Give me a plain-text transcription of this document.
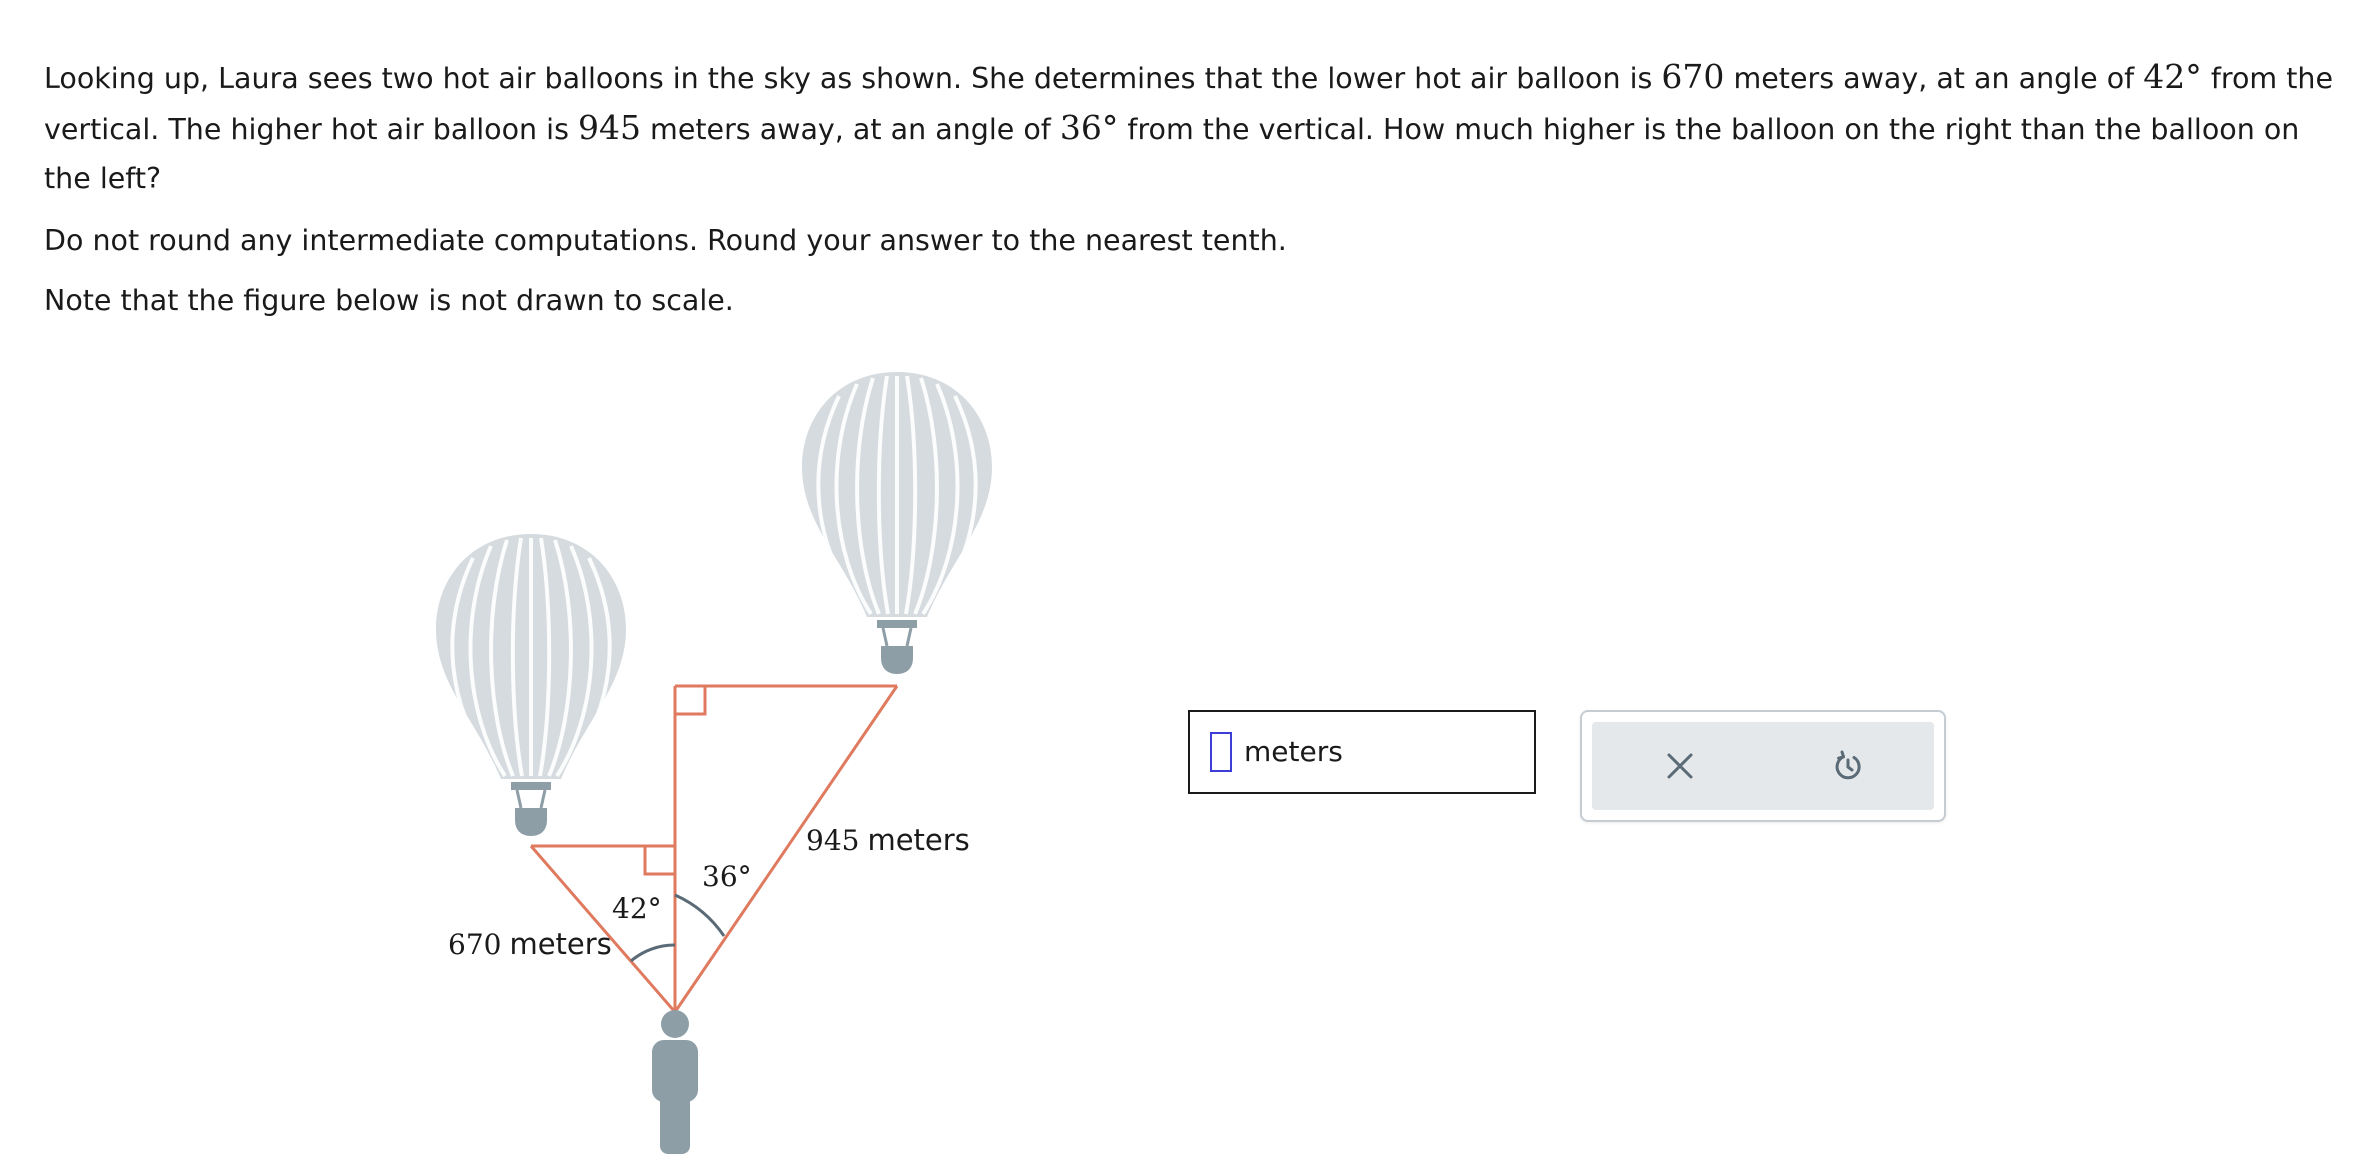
Looking up, Laura sees two hot air balloons in the sky as shown. She determines that the lower hot air balloon is 670 meters away, at an angle of 42° from the vertical. The higher hot air balloon is 945 meters away, at an angle of 36° from the vertical. How much higher is the balloon on the right than the balloon on the left?

Do not round any intermediate computations. Round your answer to the nearest tenth.

Note that the figure below is not drawn to scale.

42°
36°
670 meters
945 meters
meters
